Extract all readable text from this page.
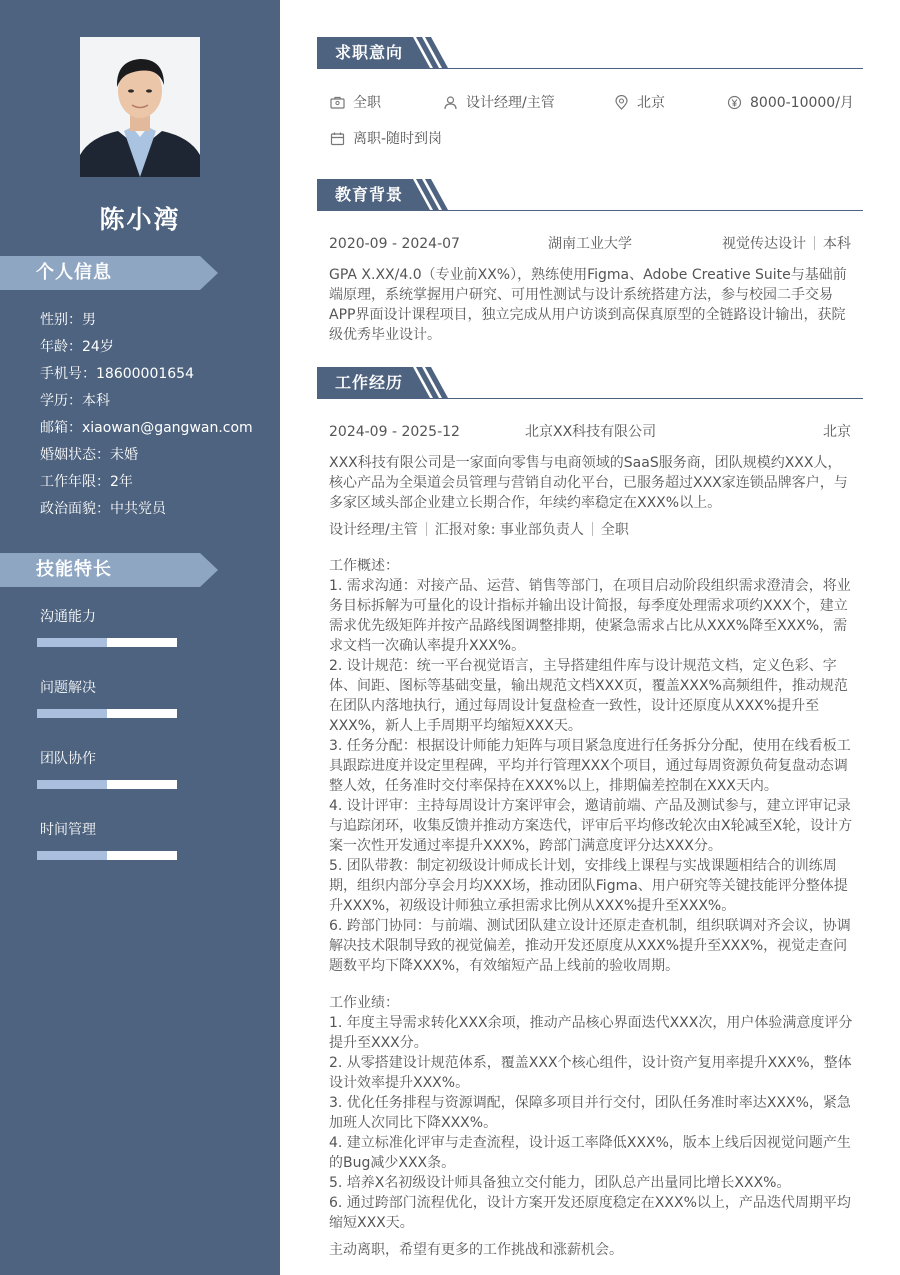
陈小湾
个人信息
性别：男
年龄：24岁
手机号：18600001654
学历：本科
邮箱：xiaowan@gangwan.com
婚姻状态：未婚
工作年限：2年
政治面貌：中共党员
技能特长
沟通能力
问题解决
团队协作
时间管理
求职意向
全职	设计经理/主管	北京	8000-10000/月
离职-随时到岗
教育背景
2020-09 - 2024-07	湖南工业大学	视觉传达设计 本科
GPA X.XX/4.0（专业前XX%），熟练使用Figma、Adobe Creative Suite与基础前端原理，系统掌握用户研究、可用性测试与设计系统搭建方法，参与校园二手交易APP界面设计课程项目，独立完成从用户访谈到高保真原型的全链路设计输出，获院级优秀毕业设计。
工作经历
2024-09 - 2025-12	北京XX科技有限公司	北京
XXX科技有限公司是一家面向零售与电商领域的SaaS服务商，团队规模约XXX人，核心产品为全渠道会员管理与营销自动化平台，已服务超过XXX家连锁品牌客户，与多家区域头部企业建立长期合作，年续约率稳定在XXX%以上。
设计经理/主管 汇报对象: 事业部负责人 全职
工作概述：
1. 需求沟通：对接产品、运营、销售等部门，在项目启动阶段组织需求澄清会，将业务目标拆解为可量化的设计指标并输出设计简报，每季度处理需求项约XXX个，建立需求优先级矩阵并按产品路线图调整排期，使紧急需求占比从XXX%降至XXX%，需求文档一次确认率提升XXX%。
2. 设计规范：统一平台视觉语言，主导搭建组件库与设计规范文档，定义色彩、字体、间距、图标等基础变量，输出规范文档XXX页，覆盖XXX%高频组件，推动规范在团队内落地执行，通过每周设计复盘检查一致性，设计还原度从XXX%提升至XXX%，新人上手周期平均缩短XXX天。
3. 任务分配：根据设计师能力矩阵与项目紧急度进行任务拆分分配，使用在线看板工具跟踪进度并设定里程碑，平均并行管理XXX个项目，通过每周资源负荷复盘动态调整人效，任务准时交付率保持在XXX%以上，排期偏差控制在XXX天内。
4. 设计评审：主持每周设计方案评审会，邀请前端、产品及测试参与，建立评审记录与追踪闭环，收集反馈并推动方案迭代，评审后平均修改轮次由X轮减至X轮，设计方案一次性开发通过率提升XXX%，跨部门满意度评分达XXX分。
5. 团队带教：制定初级设计师成长计划，安排线上课程与实战课题相结合的训练周期，组织内部分享会月均XXX场，推动团队Figma、用户研究等关键技能评分整体提升XXX%，初级设计师独立承担需求比例从XXX%提升至XXX%。
6. 跨部门协同：与前端、测试团队建立设计还原走查机制，组织联调对齐会议，协调解决技术限制导致的视觉偏差，推动开发还原度从XXX%提升至XXX%，视觉走查问题数平均下降XXX%，有效缩短产品上线前的验收周期。
工作业绩：
1. 年度主导需求转化XXX余项，推动产品核心界面迭代XXX次，用户体验满意度评分提升至XXX分。
2. 从零搭建设计规范体系，覆盖XXX个核心组件，设计资产复用率提升XXX%，整体设计效率提升XXX%。
3. 优化任务排程与资源调配，保障多项目并行交付，团队任务准时率达XXX%，紧急加班人次同比下降XXX%。
4. 建立标准化评审与走查流程，设计返工率降低XXX%，版本上线后因视觉问题产生的Bug减少XXX条。
5. 培养X名初级设计师具备独立交付能力，团队总产出量同比增长XXX%。
6. 通过跨部门流程优化，设计方案开发还原度稳定在XXX%以上，产品迭代周期平均缩短XXX天。
主动离职，希望有更多的工作挑战和涨薪机会。
